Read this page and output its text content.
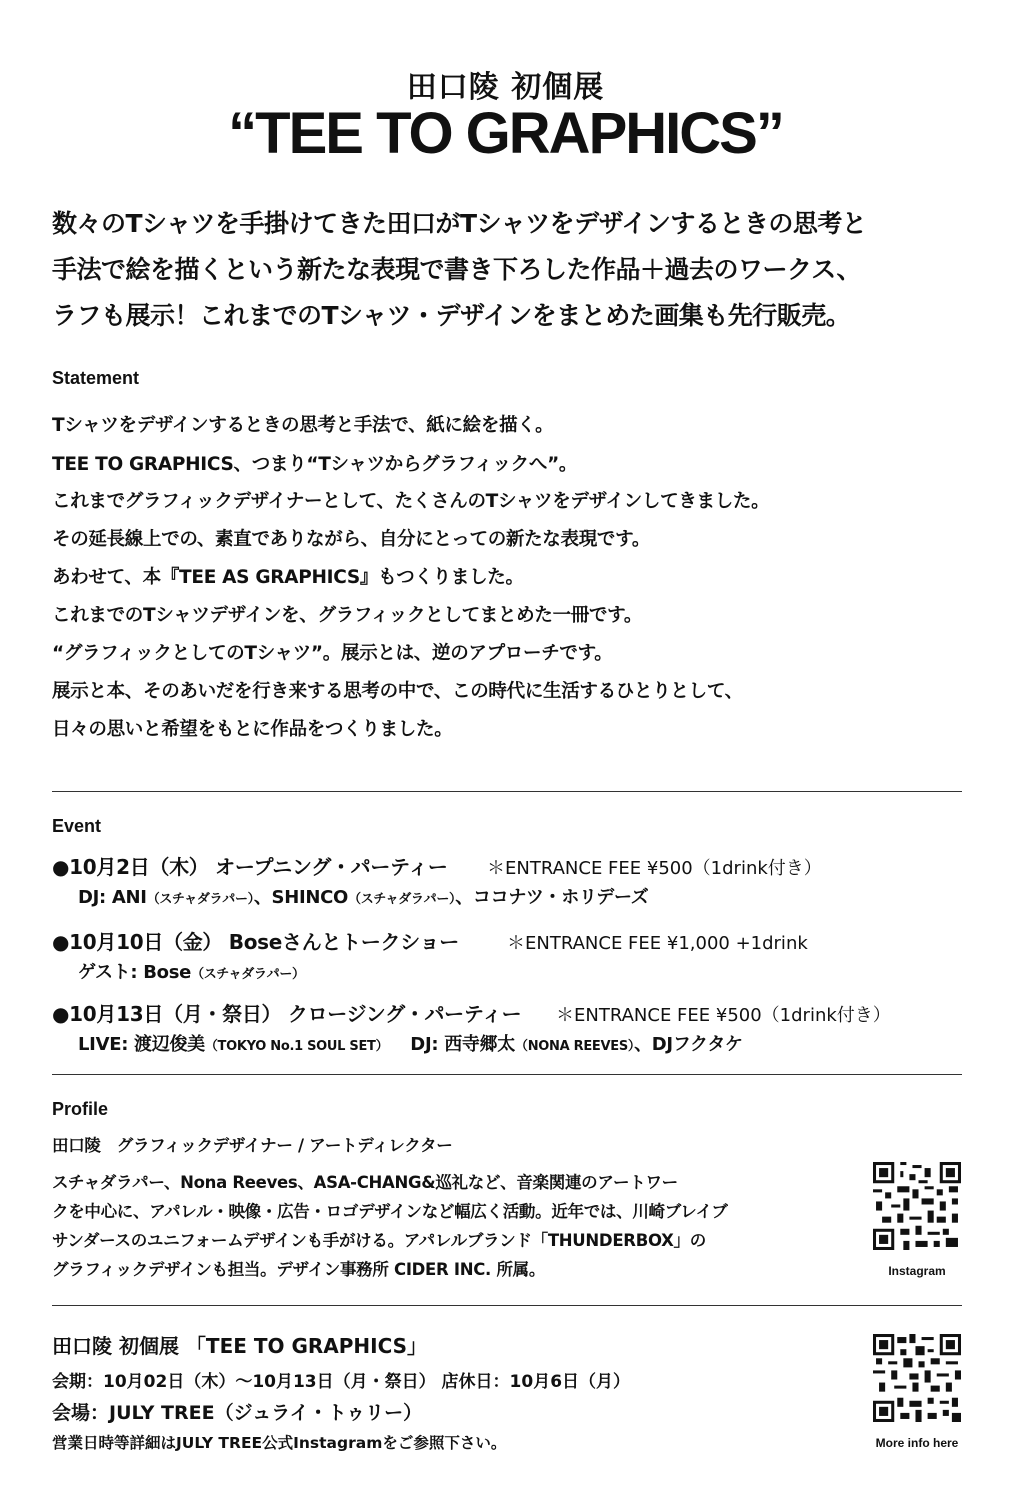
田口陵 初個展
“TEE TO GRAPHICS”
数々のTシャツを手掛けてきた田口がTシャツをデザインするときの思考と
手法で絵を描くという新たな表現で書き下ろした作品＋過去のワークス、
ラフも展示！これまでのTシャツ・デザインをまとめた画集も先行販売。
Statement
Tシャツをデザインするときの思考と手法で、紙に絵を描く。
TEE TO GRAPHICS、つまり“Tシャツからグラフィックへ”。
これまでグラフィックデザイナーとして、たくさんのTシャツをデザインしてきました。
その延長線上での、素直でありながら、自分にとっての新たな表現です。
あわせて、本『TEE AS GRAPHICS』もつくりました。
これまでのTシャツデザインを、グラフィックとしてまとめた一冊です。
“グラフィックとしてのTシャツ”。展示とは、逆のアプローチです。
展示と本、そのあいだを行き来する思考の中で、この時代に生活するひとりとして、
日々の思いと希望をもとに作品をつくりました。
Event
●10月2日（木） オープニング・パーティー ＊ENTRANCE FEE ¥500（1drink付き）
DJ: ANI（スチャダラパー）、SHINCO（スチャダラパー）、ココナツ・ホリデーズ
●10月10日（金） Boseさんとトークショー	＊ENTRANCE FEE ¥1,000 +1drink
ゲスト: Bose（スチャダラパー）
●10月13日（月・祭日） クロージング・パーティー ＊ENTRANCE FEE ¥500（1drink付き）
LIVE: 渡辺俊美（TOKYO No.1 SOUL SET） DJ: 西寺郷太（NONA REEVES）、DJフクタケ
Profile
田口陵　グラフィックデザイナー / アートディレクター
スチャダラパー、Nona Reeves、ASA-CHANG&巡礼など、音楽関連のアートワー
クを中心に、アパレル・映像・広告・ロゴデザインなど幅広く活動。近年では、川崎ブレイブ
サンダースのユニフォームデザインも手がける。アパレルブランド「THUNDERBOX」の
グラフィックデザインも担当。デザイン事務所 CIDER INC. 所属。	Instagram
田口陵 初個展 「TEE TO GRAPHICS」
会期：10月02日（木）〜10月13日（月・祭日） 店休日：10月6日（月）
会場：JULY TREE（ジュライ・トゥリー）
営業日時等詳細はJULY TREE公式Instagramをご参照下さい。	More info here
